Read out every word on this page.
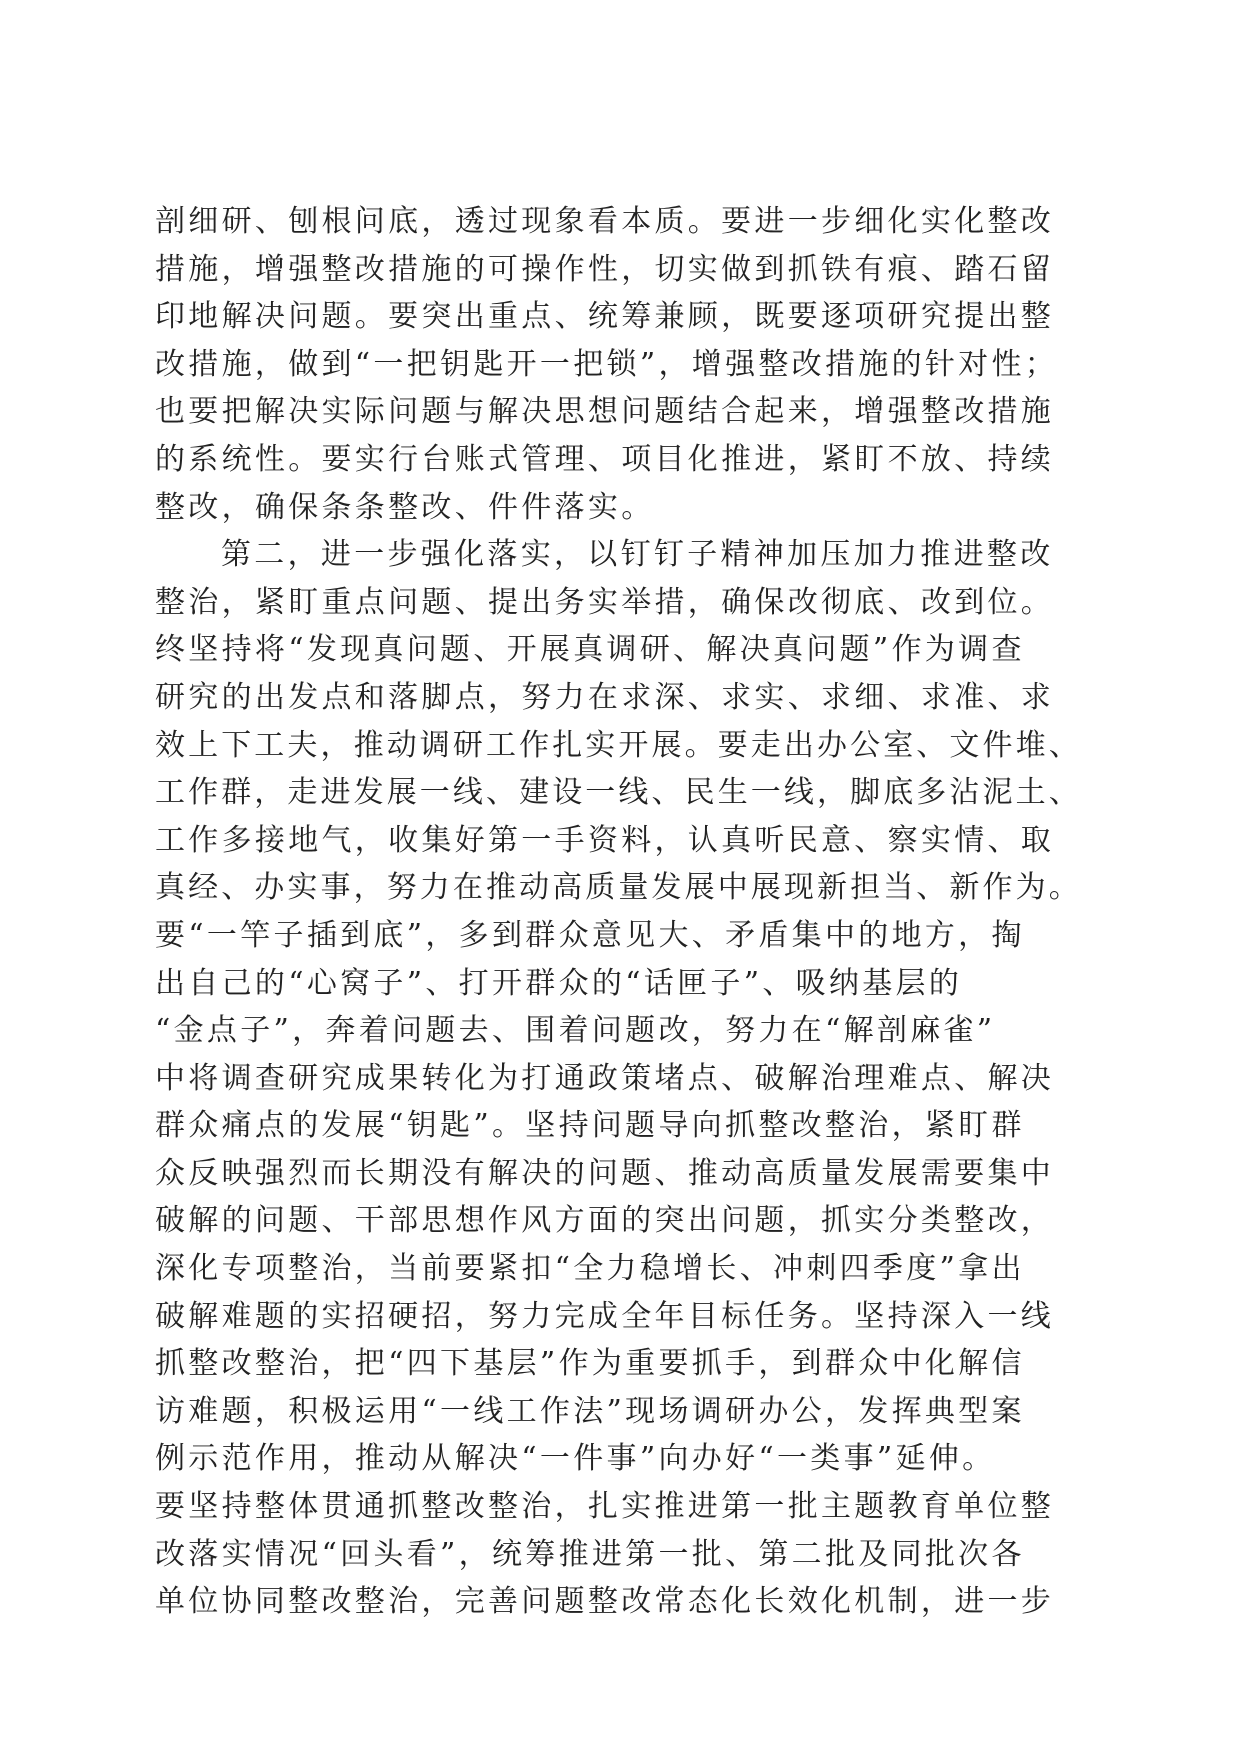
剖细研、刨根问底，透过现象看本质。要进一步细化实化整改
措施，增强整改措施的可操作性，切实做到抓铁有痕、踏石留
印地解决问题。要突出重点、统筹兼顾，既要逐项研究提出整
改措施，做到“一把钥匙开一把锁”，增强整改措施的针对性；
也要把解决实际问题与解决思想问题结合起来，增强整改措施
的系统性。要实行台账式管理、项目化推进，紧盯不放、持续
整改，确保条条整改、件件落实。
第二，进一步强化落实，以钉钉子精神加压加力推进整改
整治，紧盯重点问题、提出务实举措，确保改彻底、改到位。
终坚持将“发现真问题、开展真调研、解决真问题”作为调查
研究的出发点和落脚点，努力在求深、求实、求细、求准、求
效上下工夫，推动调研工作扎实开展。要走出办公室、文件堆、
工作群，走进发展一线、建设一线、民生一线，脚底多沾泥土、
工作多接地气，收集好第一手资料，认真听民意、察实情、取
真经、办实事，努力在推动高质量发展中展现新担当、新作为。
要“一竿子插到底”，多到群众意见大、矛盾集中的地方，掏
出自己的“心窝子”、打开群众的“话匣子”、吸纳基层的
“金点子”，奔着问题去、围着问题改，努力在“解剖麻雀”
中将调查研究成果转化为打通政策堵点、破解治理难点、解决
群众痛点的发展“钥匙”。坚持问题导向抓整改整治，紧盯群
众反映强烈而长期没有解决的问题、推动高质量发展需要集中
破解的问题、干部思想作风方面的突出问题，抓实分类整改，
深化专项整治，当前要紧扣“全力稳增长、冲刺四季度”拿出
破解难题的实招硬招，努力完成全年目标任务。坚持深入一线
抓整改整治，把“四下基层”作为重要抓手，到群众中化解信
访难题，积极运用“一线工作法”现场调研办公，发挥典型案
例示范作用，推动从解决“一件事”向办好“一类事”延伸。
要坚持整体贯通抓整改整治，扎实推进第一批主题教育单位整
改落实情况“回头看”，统筹推进第一批、第二批及同批次各
单位协同整改整治，完善问题整改常态化长效化机制，进一步
